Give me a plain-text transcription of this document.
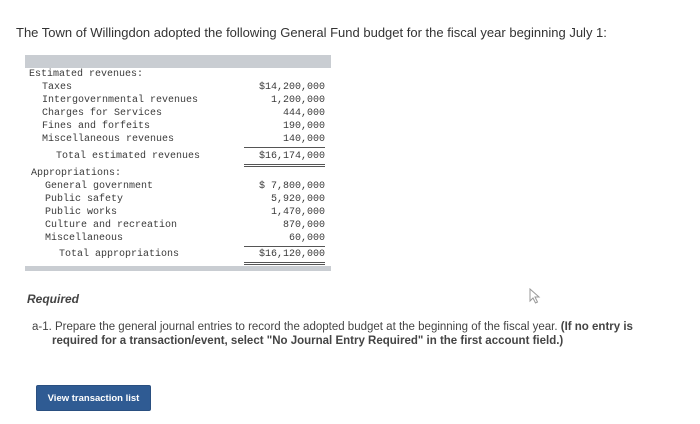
The Town of Willingdon adopted the following General Fund budget for the fiscal year beginning July 1:
Estimated revenues:
Taxes	$14,200,000
Intergovernmental revenues	1,200,000
Charges for Services	444,000
Fines and forfeits	190,000
Miscellaneous revenues	140,000
Total estimated revenues	$16,174,000
Appropriations:
General government	$ 7,800,000
Public safety	5,920,000
Public works	1,470,000
Culture and recreation	870,000
Miscellaneous	60,000
Total appropriations	$16,120,000
Required
a-1. Prepare the general journal entries to record the adopted budget at the beginning of the fiscal year. (If no entry is
required for a transaction/event, select "No Journal Entry Required" in the first account field.)
View transaction list
